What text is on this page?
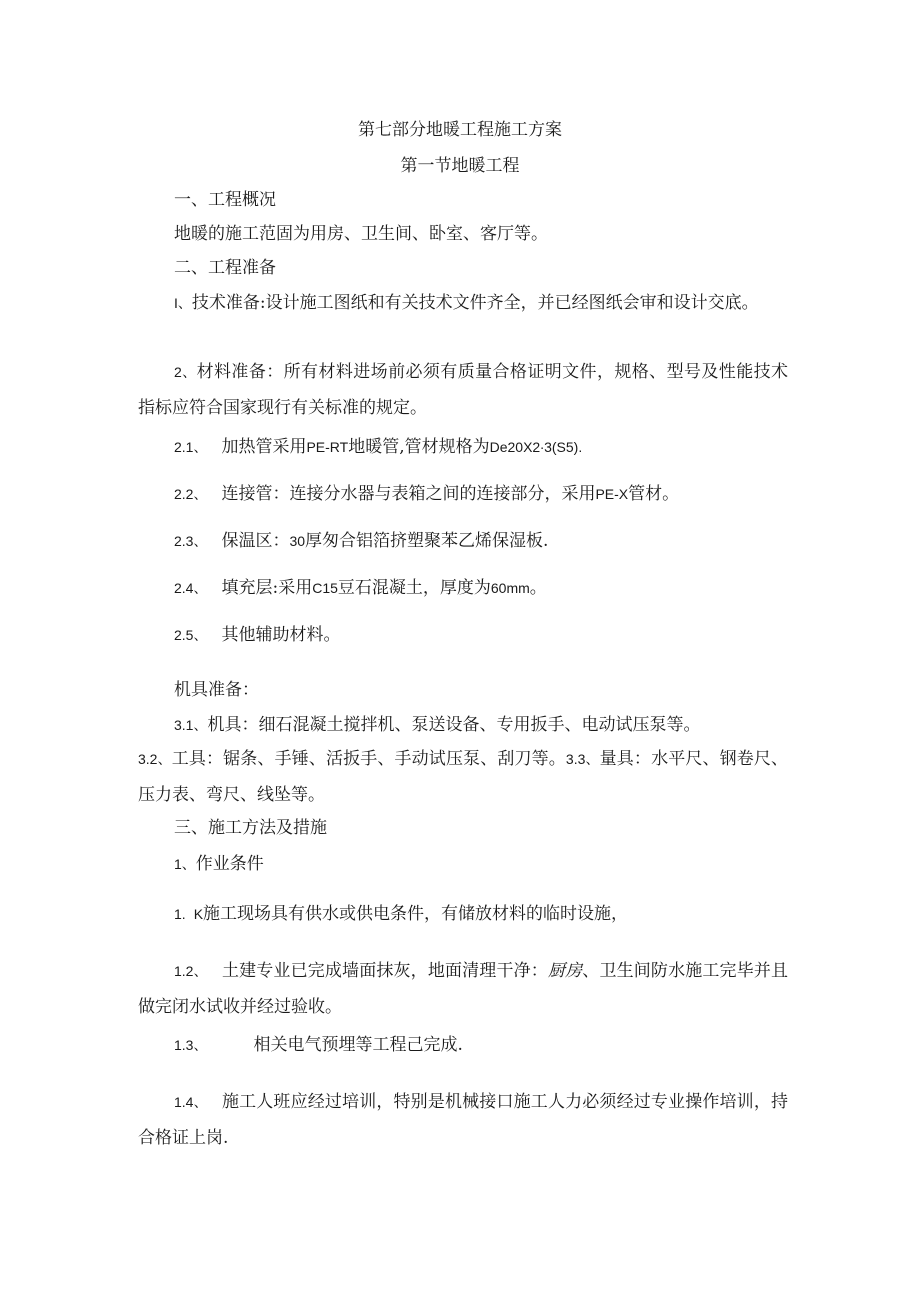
第七部分地暖工程施工方案
第一节地暖工程

一、工程概况

地暖的施工范固为用房、卫生间、卧室、客厅等。

二、工程准备

I、技术准备:设计施工图纸和有关技术文件齐全，并已经图纸会审和设计交底。

2、材料准备：所有材料进场前必须有质量合格证明文件，规格、型号及性能技术指标应符合国家现行有关标准的规定。

2.1、 加热管采用PE-RT地暖管,管材规格为De20X2∙3(S5).

2.2、 连接管：连接分水器与表箱之间的连接部分，采用PE-X管材。

2.3、 保温区：30厚匆合铝箔挤塑聚苯乙烯保湿板.

2.4、 填充层:采用C15豆石混凝土，厚度为60mm。

2.5、 其他辅助材料。

机具准备：

3.1、机具：细石混凝土搅拌机、泵送设备、专用扳手、电动试压泵等。

3.2、工具：锯条、手锤、活扳手、手动试压泵、刮刀等。3.3、量具：水平尺、钢卷尺、压力表、弯尺、线坠等。

三、施工方法及措施

1、作业条件

1. K施工现场具有供水或供电条件，有储放材料的临时设施，

1.2、 土建专业已完成墙面抹灰，地面清理干净：厨房、卫生间防水施工完毕并且做完闭水试收并经过验收。

1.3、	相关电气预埋等工程己完成.

1.4、 施工人班应经过培训，特别是机械接口施工人力必须经过专业操作培训，持合格证上岗.
